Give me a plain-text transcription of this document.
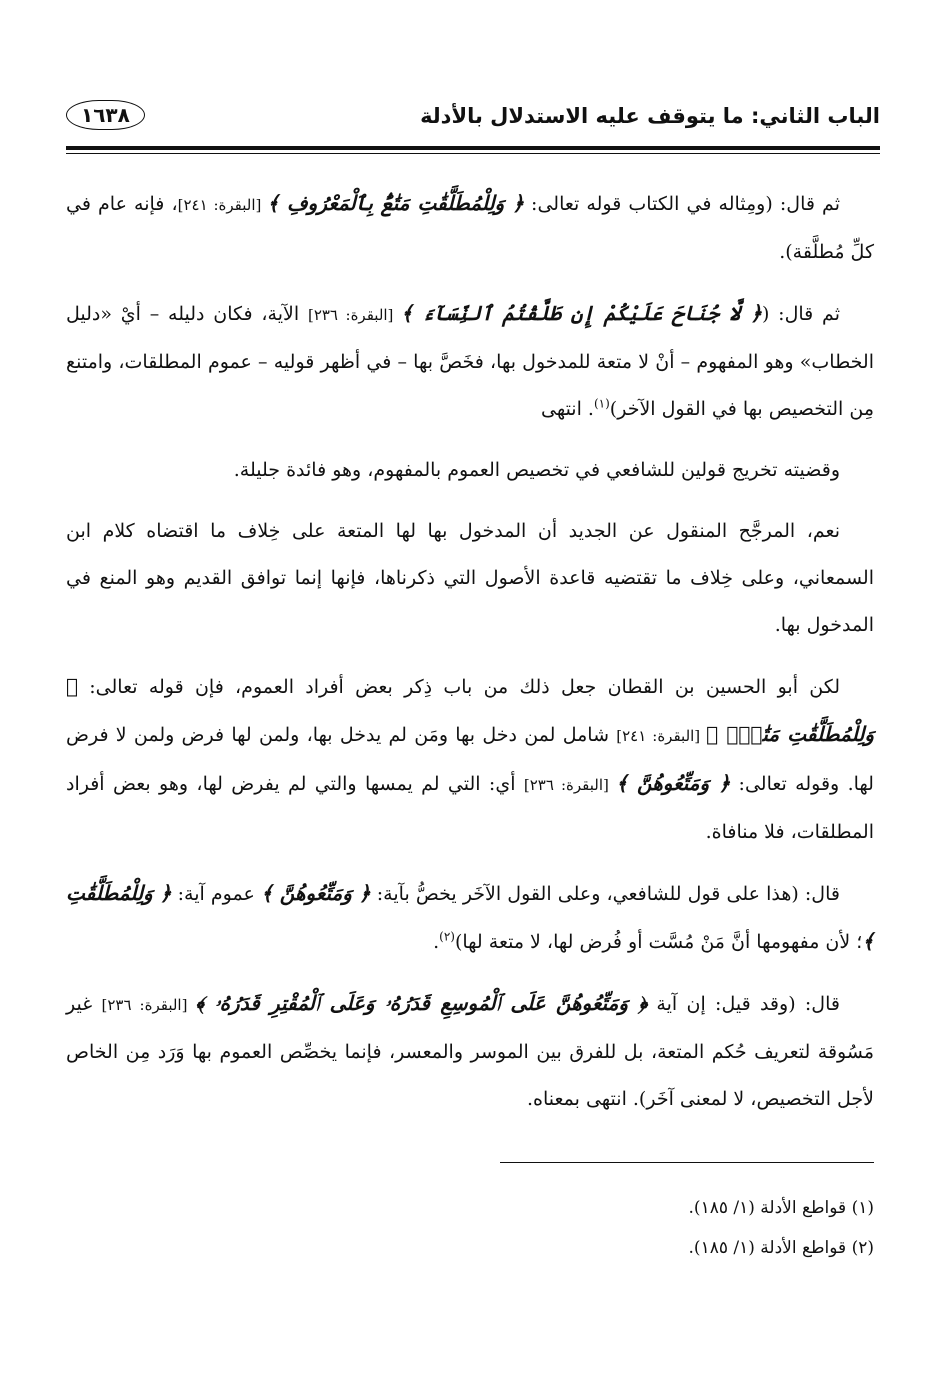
الباب الثاني: ما يتوقف عليه الاستدلال بالأدلة
١٦٣٨

ثم قال: (ومِثاله في الكتاب قوله تعالى: ﴿ وَلِلْمُطَلَّقَٰتِ مَتَٰعٌۢ بِٱلْمَعْرُوفِ ﴾ [البقرة: ٢٤١]، فإنه عام في كلِّ مُطلَّقة).

ثم قال: (﴿ لَّا جُنَاحَ عَلَيْكُمْ إِن طَلَّقْتُمُ ٱلنِّسَآءَ ﴾ [البقرة: ٢٣٦] الآية، فكان دليله – أيْ «دليل الخطاب» وهو المفهوم – أنْ لا متعة للمدخول بها، فخَصَّ بها – في أظهر قوليه – عموم المطلقات، وامتنع مِن التخصيص بها في القول الآخر)$^{(١)}$. انتهى

وقضيته تخريج قولين للشافعي في تخصيص العموم بالمفهوم، وهو فائدة جليلة.

نعم، المرجَّح المنقول عن الجديد أن المدخول بها لها المتعة على خِلاف ما اقتضاه كلام ابن السمعاني، وعلى خِلاف ما تقتضيه قاعدة الأصول التي ذكرناها، فإنها إنما توافق القديم وهو المنع في المدخول بها.

لكن أبو الحسين بن القطان جعل ذلك من باب ذِكر بعض أفراد العموم، فإن قوله تعالى: ﴿ وَلِلْمُطَلَّقَٰتِ مَتَٰعٌۢ ﴾ [البقرة: ٢٤١] شامل لمن دخل بها ومَن لم يدخل بها، ولمن لها فرض ولمن لا فرض لها. وقوله تعالى: ﴿ وَمَتِّعُوهُنَّ ﴾ [البقرة: ٢٣٦] أي: التي لم يمسها والتي لم يفرض لها، وهو بعض أفراد المطلقات، فلا منافاة.

قال: (هذا على قول للشافعي، وعلى القول الآخَر يخصُّ بآية: ﴿ وَمَتِّعُوهُنَّ ﴾ عموم آية: ﴿ وَلِلْمُطَلَّقَٰتِ ﴾؛ لأن مفهومها أنَّ مَنْ مُسَّت أو فُرض لها، لا متعة لها)$^{(٢)}$.

قال: (وقد قيل: إن آية ﴿ وَمَتِّعُوهُنَّ عَلَى ٱلْمُوسِعِ قَدَرُهُۥ وَعَلَى ٱلْمُقْتِرِ قَدَرُهُۥ ﴾ [البقرة: ٢٣٦] غير مَسُوقة لتعريف حُكم المتعة، بل للفرق بين الموسر والمعسر، فإنما يخصِّص العموم بها وَرَد مِن الخاص لأجل التخصيص، لا لمعنى آخَر). انتهى بمعناه.

(١) قواطع الأدلة (١/ ١٨٥).
(٢) قواطع الأدلة (١/ ١٨٥).
